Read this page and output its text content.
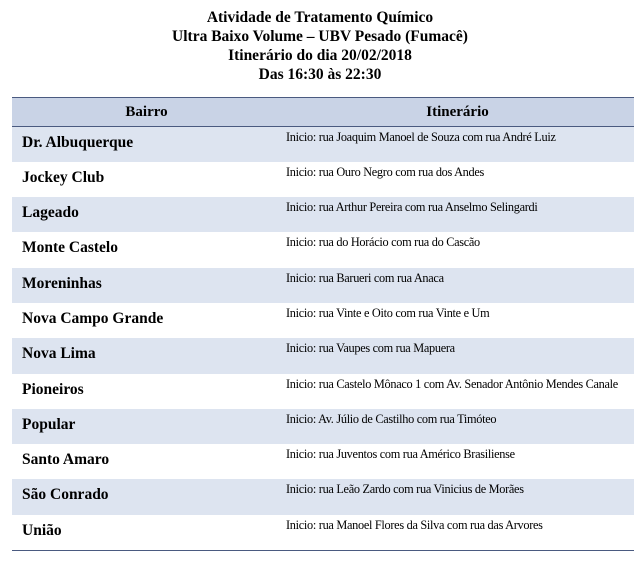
Atividade de Tratamento Químico
Ultra Baixo Volume – UBV Pesado (Fumacê)
Itinerário do dia 20/02/2018
Das 16:30 às 22:30
Bairro	Itinerário
Dr. Albuquerque	Inicio: rua Joaquim Manoel de Souza com rua André Luiz
Jockey Club	Inicio: rua Ouro Negro com rua dos Andes
Lageado	Inicio: rua Arthur Pereira com rua Anselmo Selingardi
Monte Castelo	Inicio: rua do Horácio com rua do Cascão
Moreninhas	Inicio: rua Barueri com rua Anaca
Nova Campo Grande	Inicio: rua Vinte e Oito com rua Vinte e Um
Nova Lima	Inicio: rua Vaupes com rua Mapuera
Pioneiros	Inicio: rua Castelo Mônaco 1 com Av. Senador Antônio Mendes Canale
Popular	Inicio: Av. Júlio de Castilho com rua Timóteo
Santo Amaro	Inicio: rua Juventos com rua Américo Brasiliense
São Conrado	Inicio: rua Leão Zardo com rua Vinicius de Morães
União	Inicio: rua Manoel Flores da Silva com rua das Arvores
